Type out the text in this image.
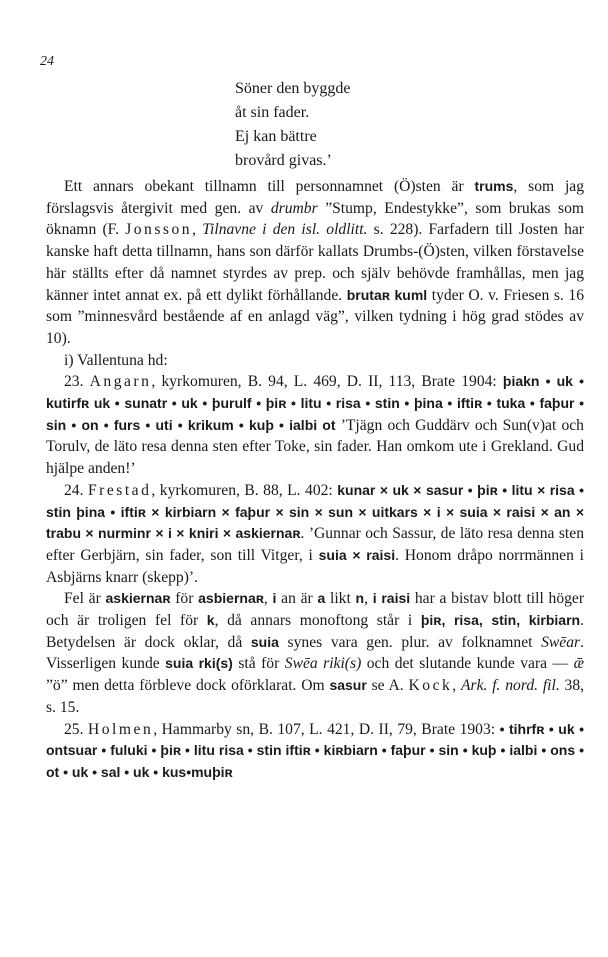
24
Söner den byggde
åt sin fader.
Ej kan bättre
brovård givas.’

Ett annars obekant tillnamn till personnamnet (Ö)sten är trums, som jag förslagsvis återgivit med gen. av drumbr ”Stump, Endestykke”, som brukas som öknamn (F. Jonsson, Tilnavne i den isl. oldlitt. s. 228). Farfadern till Josten har kanske haft detta tillnamn, hans son därför kallats Drumbs-(Ö)sten, vilken förstavelse här ställts efter då namnet styrdes av prep. och själv behövde framhållas, men jag känner intet annat ex. på ett dylikt förhållande. brutaʀ kuml tyder O. v. Friesen s. 16 som ”minnesvård bestående af en anlagd väg”, vilken tydning i hög grad stödes av 10).

i) Vallentuna hd:

23. Angarn, kyrkomuren, B. 94, L. 469, D. II, 113, Brate 1904: þiakn • uk • kutirfʀ uk • sunatr • uk • þurulf • þiʀ • litu • risa • stin • þina • iftiʀ • tuka • faþur • sin • on • furs • uti • krikum • kuþ • ialbi ot ’Tjägn och Guddärv och Sun(v)at och Torulv, de läto resa denna sten efter Toke, sin fader. Han omkom ute i Grekland. Gud hjälpe anden!’

24. Frestad, kyrkomuren, B. 88, L. 402: kunar × uk × sasur • þiʀ • litu × risa • stin þina • iftiʀ × kirbiarn × faþur × sin × sun × uitkars × i × suia × raisi × an × trabu × nurminr × i × kniri × askiernaʀ. ’Gunnar och Sassur, de läto resa denna sten efter Gerbjärn, sin fader, son till Vitger, i suia × raisi. Honom dråpo norrmännen i Asbjärns knarr (skepp)’.

Fel är askiernaʀ för asbiernaʀ, i an är a likt n, i raisi har a bistav blott till höger och är troligen fel för k, då annars monoftong står i þiʀ, risa, stin, kirbiarn. Betydelsen är dock oklar, då suia synes vara gen. plur. av folknamnet Swēar. Visserligen kunde suia rki(s) stå för Swēa riki(s) och det slutande kunde vara — ǣ ”ö” men detta förbleve dock oförklarat. Om sasur se A. Kock, Ark. f. nord. fil. 38, s. 15.

25. Holmen, Hammarby sn, B. 107, L. 421, D. II, 79, Brate 1903: • tihrfʀ • uk • ontsuar • fuluki • þiʀ • litu risa • stin iftiʀ • kiʀbiarn • faþur • sin • kuþ • ialbi • ons • ot • uk • sal • uk • kus•muþiʀ
